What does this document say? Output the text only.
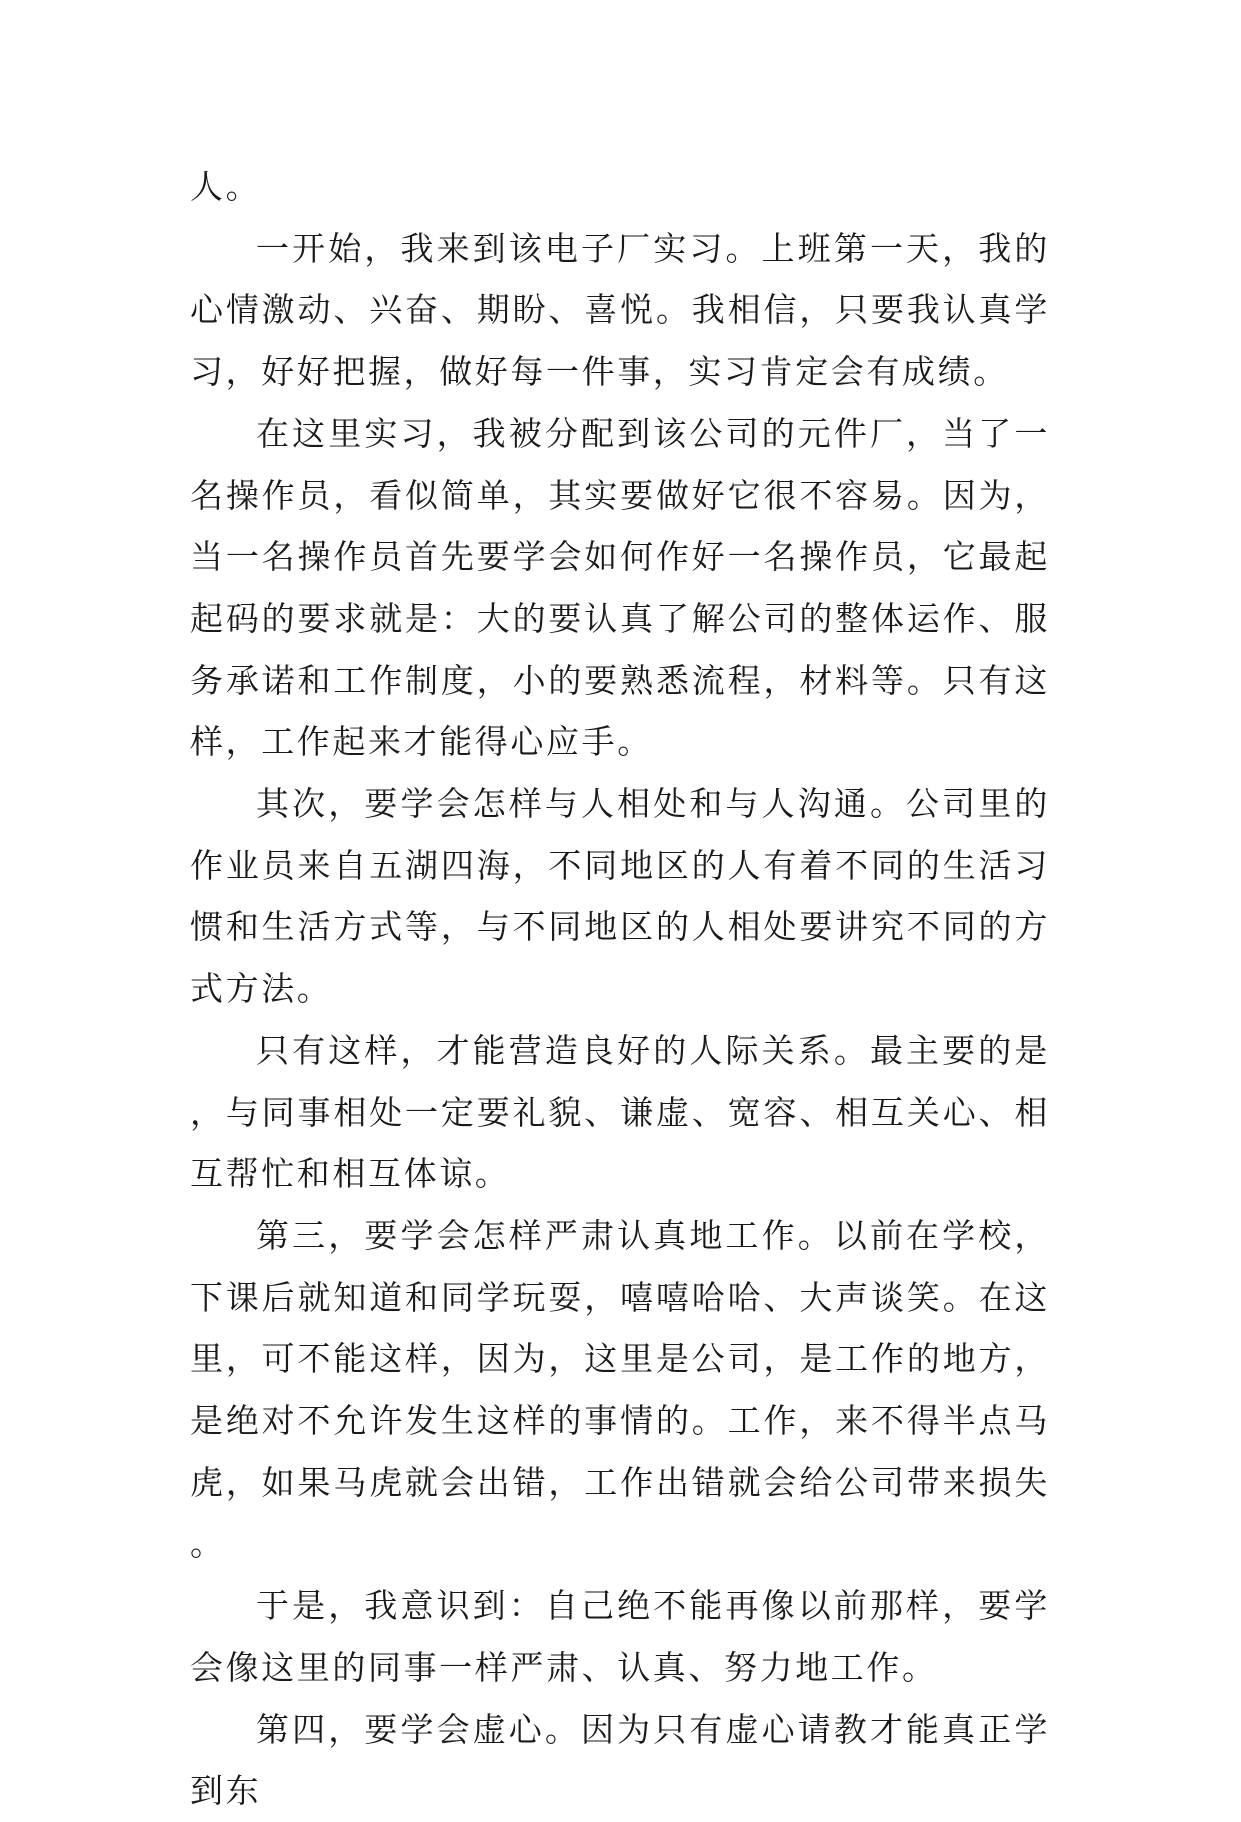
人。

一开始，我来到该电子厂实习。上班第一天，我的心情激动、兴奋、期盼、喜悦。我相信，只要我认真学习，好好把握，做好每一件事，实习肯定会有成绩。

在这里实习，我被分配到该公司的元件厂，当了一名操作员，看似简单，其实要做好它很不容易。因为，当一名操作员首先要学会如何作好一名操作员，它最起起码的要求就是：大的要认真了解公司的整体运作、服务承诺和工作制度，小的要熟悉流程，材料等。只有这样，工作起来才能得心应手。

其次，要学会怎样与人相处和与人沟通。公司里的作业员来自五湖四海，不同地区的人有着不同的生活习惯和生活方式等，与不同地区的人相处要讲究不同的方式方法。

只有这样，才能营造良好的人际关系。最主要的是，与同事相处一定要礼貌、谦虚、宽容、相互关心、相互帮忙和相互体谅。

第三，要学会怎样严肃认真地工作。以前在学校，下课后就知道和同学玩耍，嘻嘻哈哈、大声谈笑。在这里，可不能这样，因为，这里是公司，是工作的地方，是绝对不允许发生这样的事情的。工作，来不得半点马虎，如果马虎就会出错，工作出错就会给公司带来损失。

于是，我意识到：自己绝不能再像以前那样，要学会像这里的同事一样严肃、认真、努力地工作。

第四，要学会虚心。因为只有虚心请教才能真正学到东
